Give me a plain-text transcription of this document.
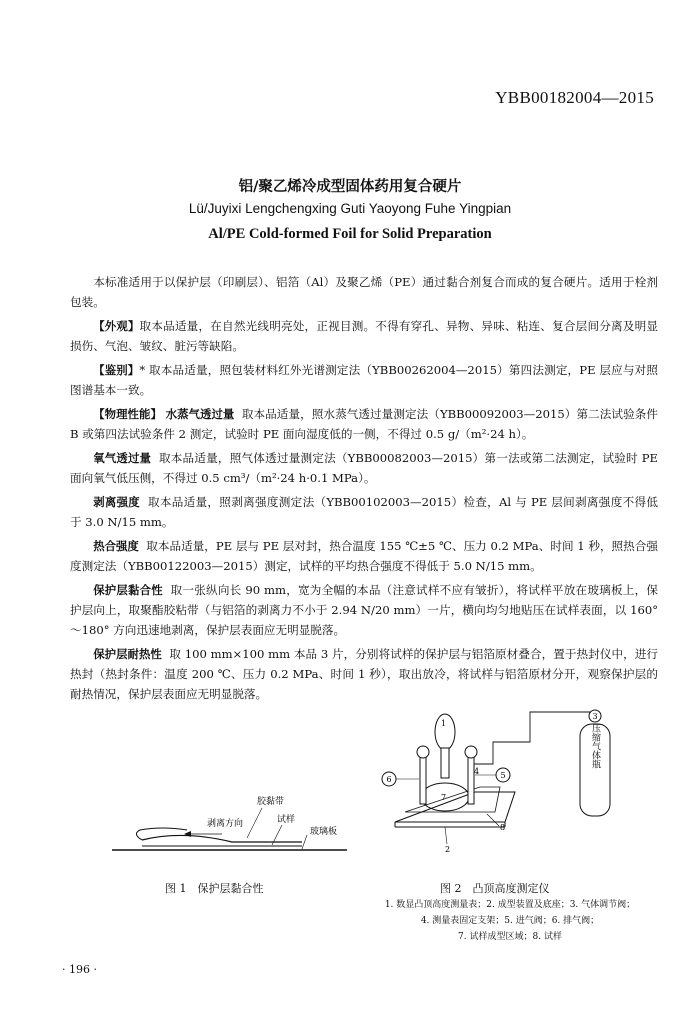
YBB00182004—2015
铝/聚乙烯冷成型固体药用复合硬片
Lü/Juyixi Lengchengxing Guti Yaoyong Fuhe Yingpian
Al/PE Cold-formed Foil for Solid Preparation

本标准适用于以保护层（印刷层）、铝箔（Al）及聚乙烯（PE）通过黏合剂复合而成的复合硬片。适用于栓剂包装。

【外观】取本品适量，在自然光线明亮处，正视目测。不得有穿孔、异物、异味、粘连、复合层间分离及明显损伤、气泡、皱纹、脏污等缺陷。

【鉴别】* 取本品适量，照包装材料红外光谱测定法（YBB00262004—2015）第四法测定，PE 层应与对照图谱基本一致。

【物理性能】 水蒸气透过量 取本品适量，照水蒸气透过量测定法（YBB00092003—2015）第二法试验条件 B 或第四法试验条件 2 测定，试验时 PE 面向湿度低的一侧，不得过 0.5 g/（m²·24 h）。

氧气透过量 取本品适量，照气体透过量测定法（YBB00082003—2015）第一法或第二法测定，试验时 PE 面向氧气低压侧，不得过 0.5 cm³/（m²·24 h·0.1 MPa）。

剥离强度 取本品适量，照剥离强度测定法（YBB00102003—2015）检查，Al 与 PE 层间剥离强度不得低于 3.0 N/15 mm。

热合强度 取本品适量，PE 层与 PE 层对封，热合温度 155 ℃±5 ℃、压力 0.2 MPa、时间 1 秒，照热合强度测定法（YBB00122003—2015）测定，试样的平均热合强度不得低于 5.0 N/15 mm。

保护层黏合性 取一张纵向长 90 mm，宽为全幅的本品（注意试样不应有皱折），将试样平放在玻璃板上，保护层向上，取聚酯胶粘带（与铝箔的剥离力不小于 2.94 N/20 mm）一片，横向均匀地贴压在试样表面，以 160°～180° 方向迅速地剥离，保护层表面应无明显脱落。

保护层耐热性 取 100 mm×100 mm 本品 3 片，分别将试样的保护层与铝箔原材叠合，置于热封仪中，进行热封（热封条件：温度 200 ℃、压力 0.2 MPa、时间 1 秒），取出放冷，将试样与铝箔原材分开，观察保护层的耐热情况，保护层表面应无明显脱落。

胶黏带
剥离方向	试样
玻璃板
3
压缩气体瓶
6	5
1
4
7
8
2
图 1　保护层黏合性	图 2　凸顶高度测定仪
1. 数显凸顶高度测量表；2. 成型装置及底座；3. 气体调节阀；
4. 测量表固定支架；5. 进气阀；6. 排气阀；
7. 试样成型区域；8. 试样
· 196 ·
